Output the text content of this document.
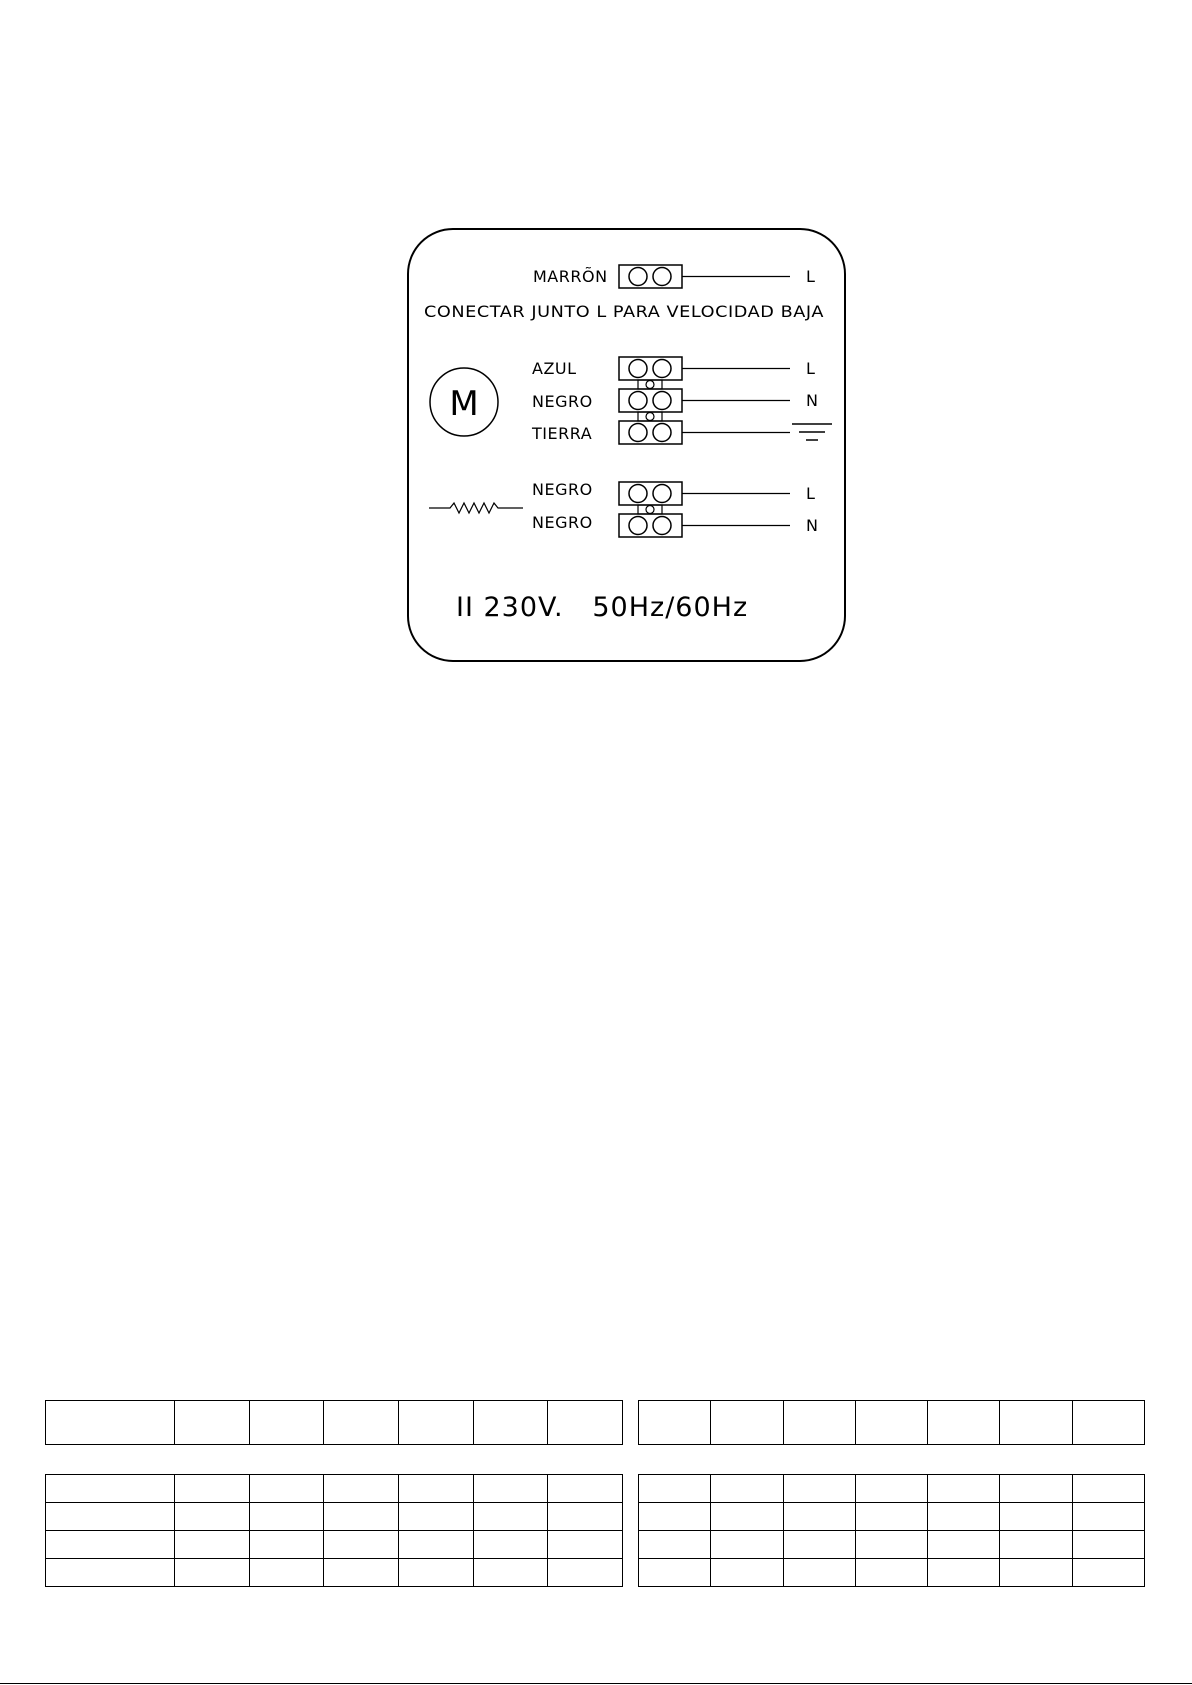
MARRÕN	L
CONECTAR JUNTO L PARA VELOCIDAD BAJA
M
AZUL
NEGRO
TIERRA
L
N
NEGRO
NEGRO
L
N
II 230V.   50Hz/60Hz
